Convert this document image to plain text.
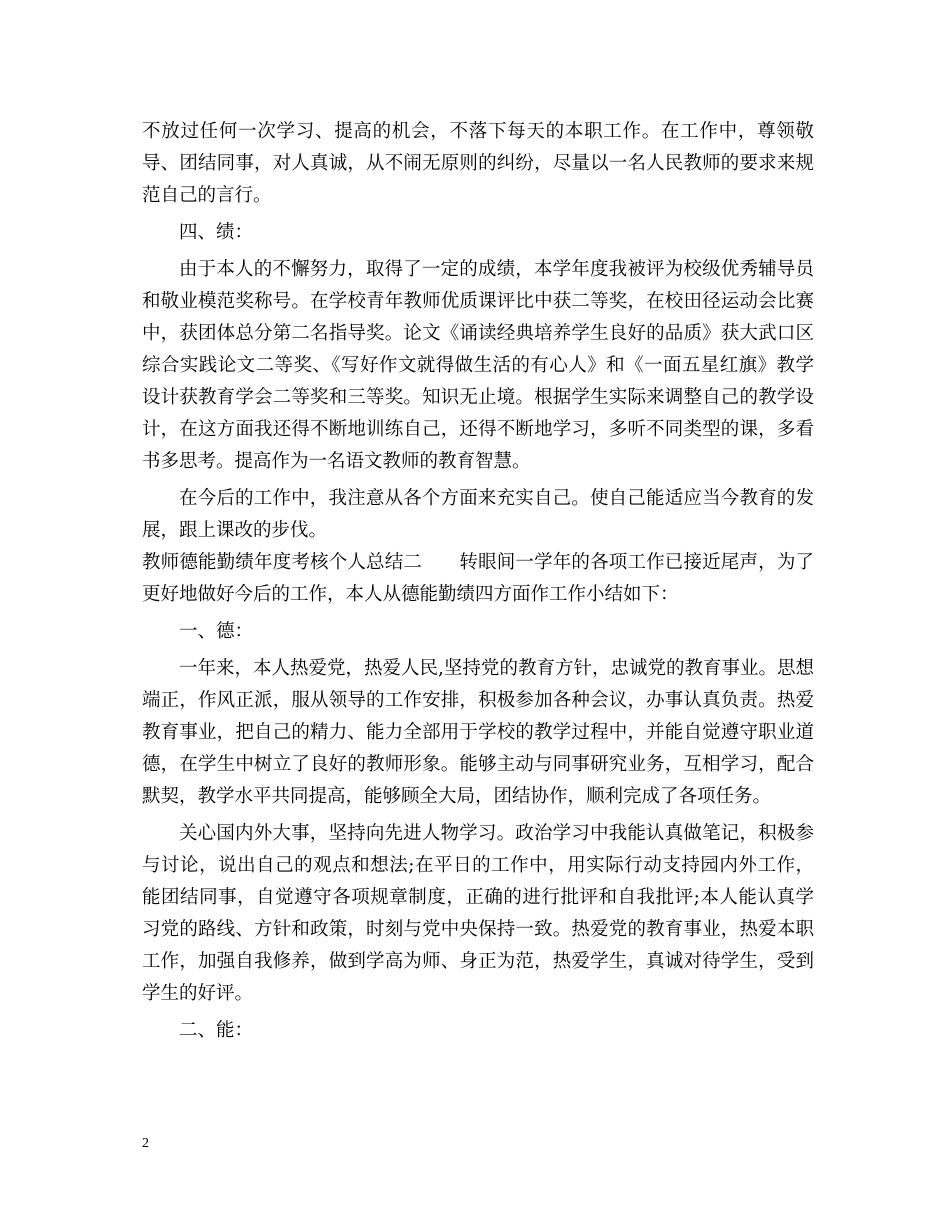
不放过任何一次学习、提高的机会，不落下每天的本职工作。在工作中，尊领敬导、团结同事，对人真诚，从不闹无原则的纠纷，尽量以一名人民教师的要求来规范自己的言行。

四、绩：

由于本人的不懈努力，取得了一定的成绩，本学年度我被评为校级优秀辅导员和敬业模范奖称号。在学校青年教师优质课评比中获二等奖，在校田径运动会比赛中，获团体总分第二名指导奖。论文《诵读经典培养学生良好的品质》获大武口区综合实践论文二等奖、《写好作文就得做生活的有心人》和《一面五星红旗》教学设计获教育学会二等奖和三等奖。知识无止境。根据学生实际来调整自己的教学设计，在这方面我还得不断地训练自己，还得不断地学习，多听不同类型的课，多看书多思考。提高作为一名语文教师的教育智慧。

在今后的工作中，我注意从各个方面来充实自己。使自己能适应当今教育的发展，跟上课改的步伐。

教师德能勤绩年度考核个人总结二　　转眼间一学年的各项工作已接近尾声，为了更好地做好今后的工作，本人从德能勤绩四方面作工作小结如下：

一、德：

一年来，本人热爱党，热爱人民,坚持党的教育方针，忠诚党的教育事业。思想端正，作风正派，服从领导的工作安排，积极参加各种会议，办事认真负责。热爱教育事业，把自己的精力、能力全部用于学校的教学过程中，并能自觉遵守职业道德，在学生中树立了良好的教师形象。能够主动与同事研究业务，互相学习，配合默契，教学水平共同提高，能够顾全大局，团结协作，顺利完成了各项任务。

关心国内外大事，坚持向先进人物学习。政治学习中我能认真做笔记，积极参与讨论，说出自己的观点和想法;在平日的工作中，用实际行动支持园内外工作，能团结同事，自觉遵守各项规章制度，正确的进行批评和自我批评;本人能认真学习党的路线、方针和政策，时刻与党中央保持一致。热爱党的教育事业，热爱本职工作，加强自我修养，做到学高为师、身正为范，热爱学生，真诚对待学生，受到学生的好评。

二、能：

2
